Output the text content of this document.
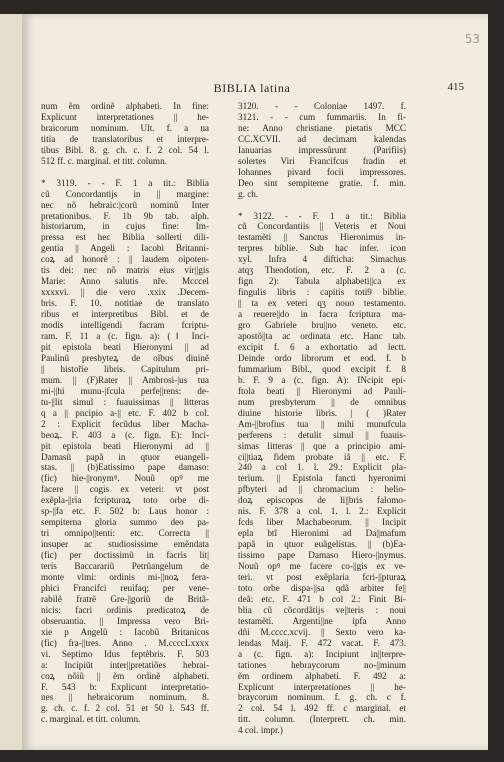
53
BIBLIA latina	415
num ẽm ordinẽ alphabeti. In fine:
Explicunt interpretationes || he-
braicorum nominum. Ult. f. a na
titia de translatoribus et interpre-
tibus Bibl. 8. g. ch. c. f. 2 col. 54 l.
512 ff. c. marginal. et titt. column.

* 3119. - - F. 1 a tit.: Biblia
cũ Concordantijs in || margine:
nec nõ hebraic:|corũ nominũ Inter
pretationibus. F. 1b 9b tab. alph.
historiarum, in cujus fine: Im-
pressa est hec Biblia sollerti dili-
gentia || Angeli : Iacobi Britanni-
coꝝ ad honorẽ : || laudem oipoten-
tis dei: nec nõ matris eius vir||gis
Marie: Anno salutis nře. Mcccel
xxxxvi. || die vero .xxix .Decem-
bris. F. 10. notitiae de translato
ribus et interpretibus Bibl. et de
modis intelligendi facram fcriptu-
ram. F. 11 a (c. fign. a): (Ⅰ Inci-
pit epistola beati Hieronymi || ad
Paulinũ presbyteꝝ de oĩbus diuinẽ
|| histořie libris. Capitulum pri-
mum. || (F)Rater || Ambrosi-|us tua
mi-||hi munu-|fcula perfe||rens: de-
tu-||lit simul : fuauissimas || litteras
q a || pncipio a-|| etc. F. 402 b col.
2 : Explicit fecũdus liber Macha-
beoꝝ. F. 403 a (c. fign. E): Inci-
pit epistola beati Hieronymi ad ||
Damasũ papã in qtuor euangeli-
stas. || (b)Eatissimo pape damaso:
(fic) hie-||ronymꝰ. Nouũ opꝰ me
facere || cogis ex veteri: vt post
exẽpla-||ria fcripturaꝝ toto orbe di-
sp-||fa etc. F. 502 b: Laus honor :
sempiterna gloria summo deo pa-
tri omnipo||tenti: etc. Correcta ||
insuper ac studiosissime emẽndata
(fic) per doctissimũ in facris lit|
teris Baccarariũ Petrũangelum de
monte vlmi: ordinis mi-||noꝝ fera-
phici Francifci reuifaq; per vene-
rabilẽ fratrẽ Gre-||goriũ de Britã-
nicis: facri ordinis predicatoꝝ de
obseruantia. || Impressa vero Bri-
xie p Angelũ : Iacobũ Britanicos
(fic) fra-||tres. Anno . M.ccccLxxxx
vi. Septimo Idus feptẽbris. F. 503
a: Incipiũt inter||pretatiões hebrai-
coꝝ nõiũ || ẽm ordinẽ alphabeti.
F. 543 b: Explicunt interpretatio-
nes || hebraicorum nominum. 8.
g. ch. c. f. 2 col. 51 et 50 l. 543 ff.
c. marginal. et titt. column.
3120. - - Coloniae 1497. f.
3121. - - cum fummariis. In fi-
ne: Anno christiane pietatis MCC
CC.XCVII. ad decimam kalendas
Ianuarias impressũrunt (Parifiis)
solertes Viri Francifcus fradin et
Iohannes pivard focii impressores.
Deo sint sempiterne gratie. f. min.
g. ch.

* 3122. - - F. 1 a tit.: Biblia
cũ Concordantiis || Veteris et Noui
testamẽti || Sanctus Hieronimus in-
terpres biblie. Sub hac infer. icon
xyl. Infra 4 difticha: Simachus
atqʒ Theodotion, etc. F. 2 a (c.
fign 2): Tabula alphabeti||ca ex
fingulis libris : capitis toti9 biblie.
|| ta ex veteri qʒ nouo testamento.
a reuere||do in facra fcriptura ma-
gro Gabriele bru||no veneto. etc.
apostŏ||ta ac ordinata etc. Hanc tab.
excipit f. 6 a exhortatio ad lectt.
Deinde ordo librorum et eod. f. b
fummarium Bibl., quod excipit f. 8
b. F. 9 a (c. fign. A): INcipit epi-
ftola beati || Hieronymi ad Pauli-
num presbyterum || de omnibus
diuine historie libris. | ( )Rater
Am-||brofius tua || mihi munufcula
perferens : detulit simul || fuauis-
simas litteras || que a principio ami-
ci||tiaꝝ fidem probate iã || etc. F.
240 a col 1. l. 29.: Explicit pla-
terium. || Epistola fancti hyeronimi
pfbyteri ad || chromacium : helio-
doꝝ episcopos de li||bris falomo-
nis. F. 378 a col. 1. l. 2.: Explicit
fcds liber Machabeorum. || Incipit
epla btĩ Hieronimi ad Da||mafum
papã in qtuor euãgelistas. || (b)Ea-
tissimo pape Damaso Hiero-||nymus.
Nouũ opꝰ me facere co-||gis ex ve-
teri. vt post exẽplaria fcri-||pturaꝝ
toto orbe dispa-||sa qdã arbiter fe||
deã: etc. F. 471 b col 2.: Finit Bi-
blia cũ cõcordãtijs ve||teris : noui
testamẽti. Argenti||ne ipfa Anno
dñi M.cccc.xcvij. || Sexto vero ka-
lendas Maij. F. 472 vacat. F. 473.
a (c. fign. a): Incipiunt in||terpre-
tationes hebraycorum no-||minum
ẽm ordinem alphabeti. F. 492 a:
Explicunt interpretationes || he-
braycorum nominum. f. g. ch. c f.
2 col. 54 l. 492 ff. c marginal. et
titt. column. (Interprett. ch. min.
4 col. impr.)
